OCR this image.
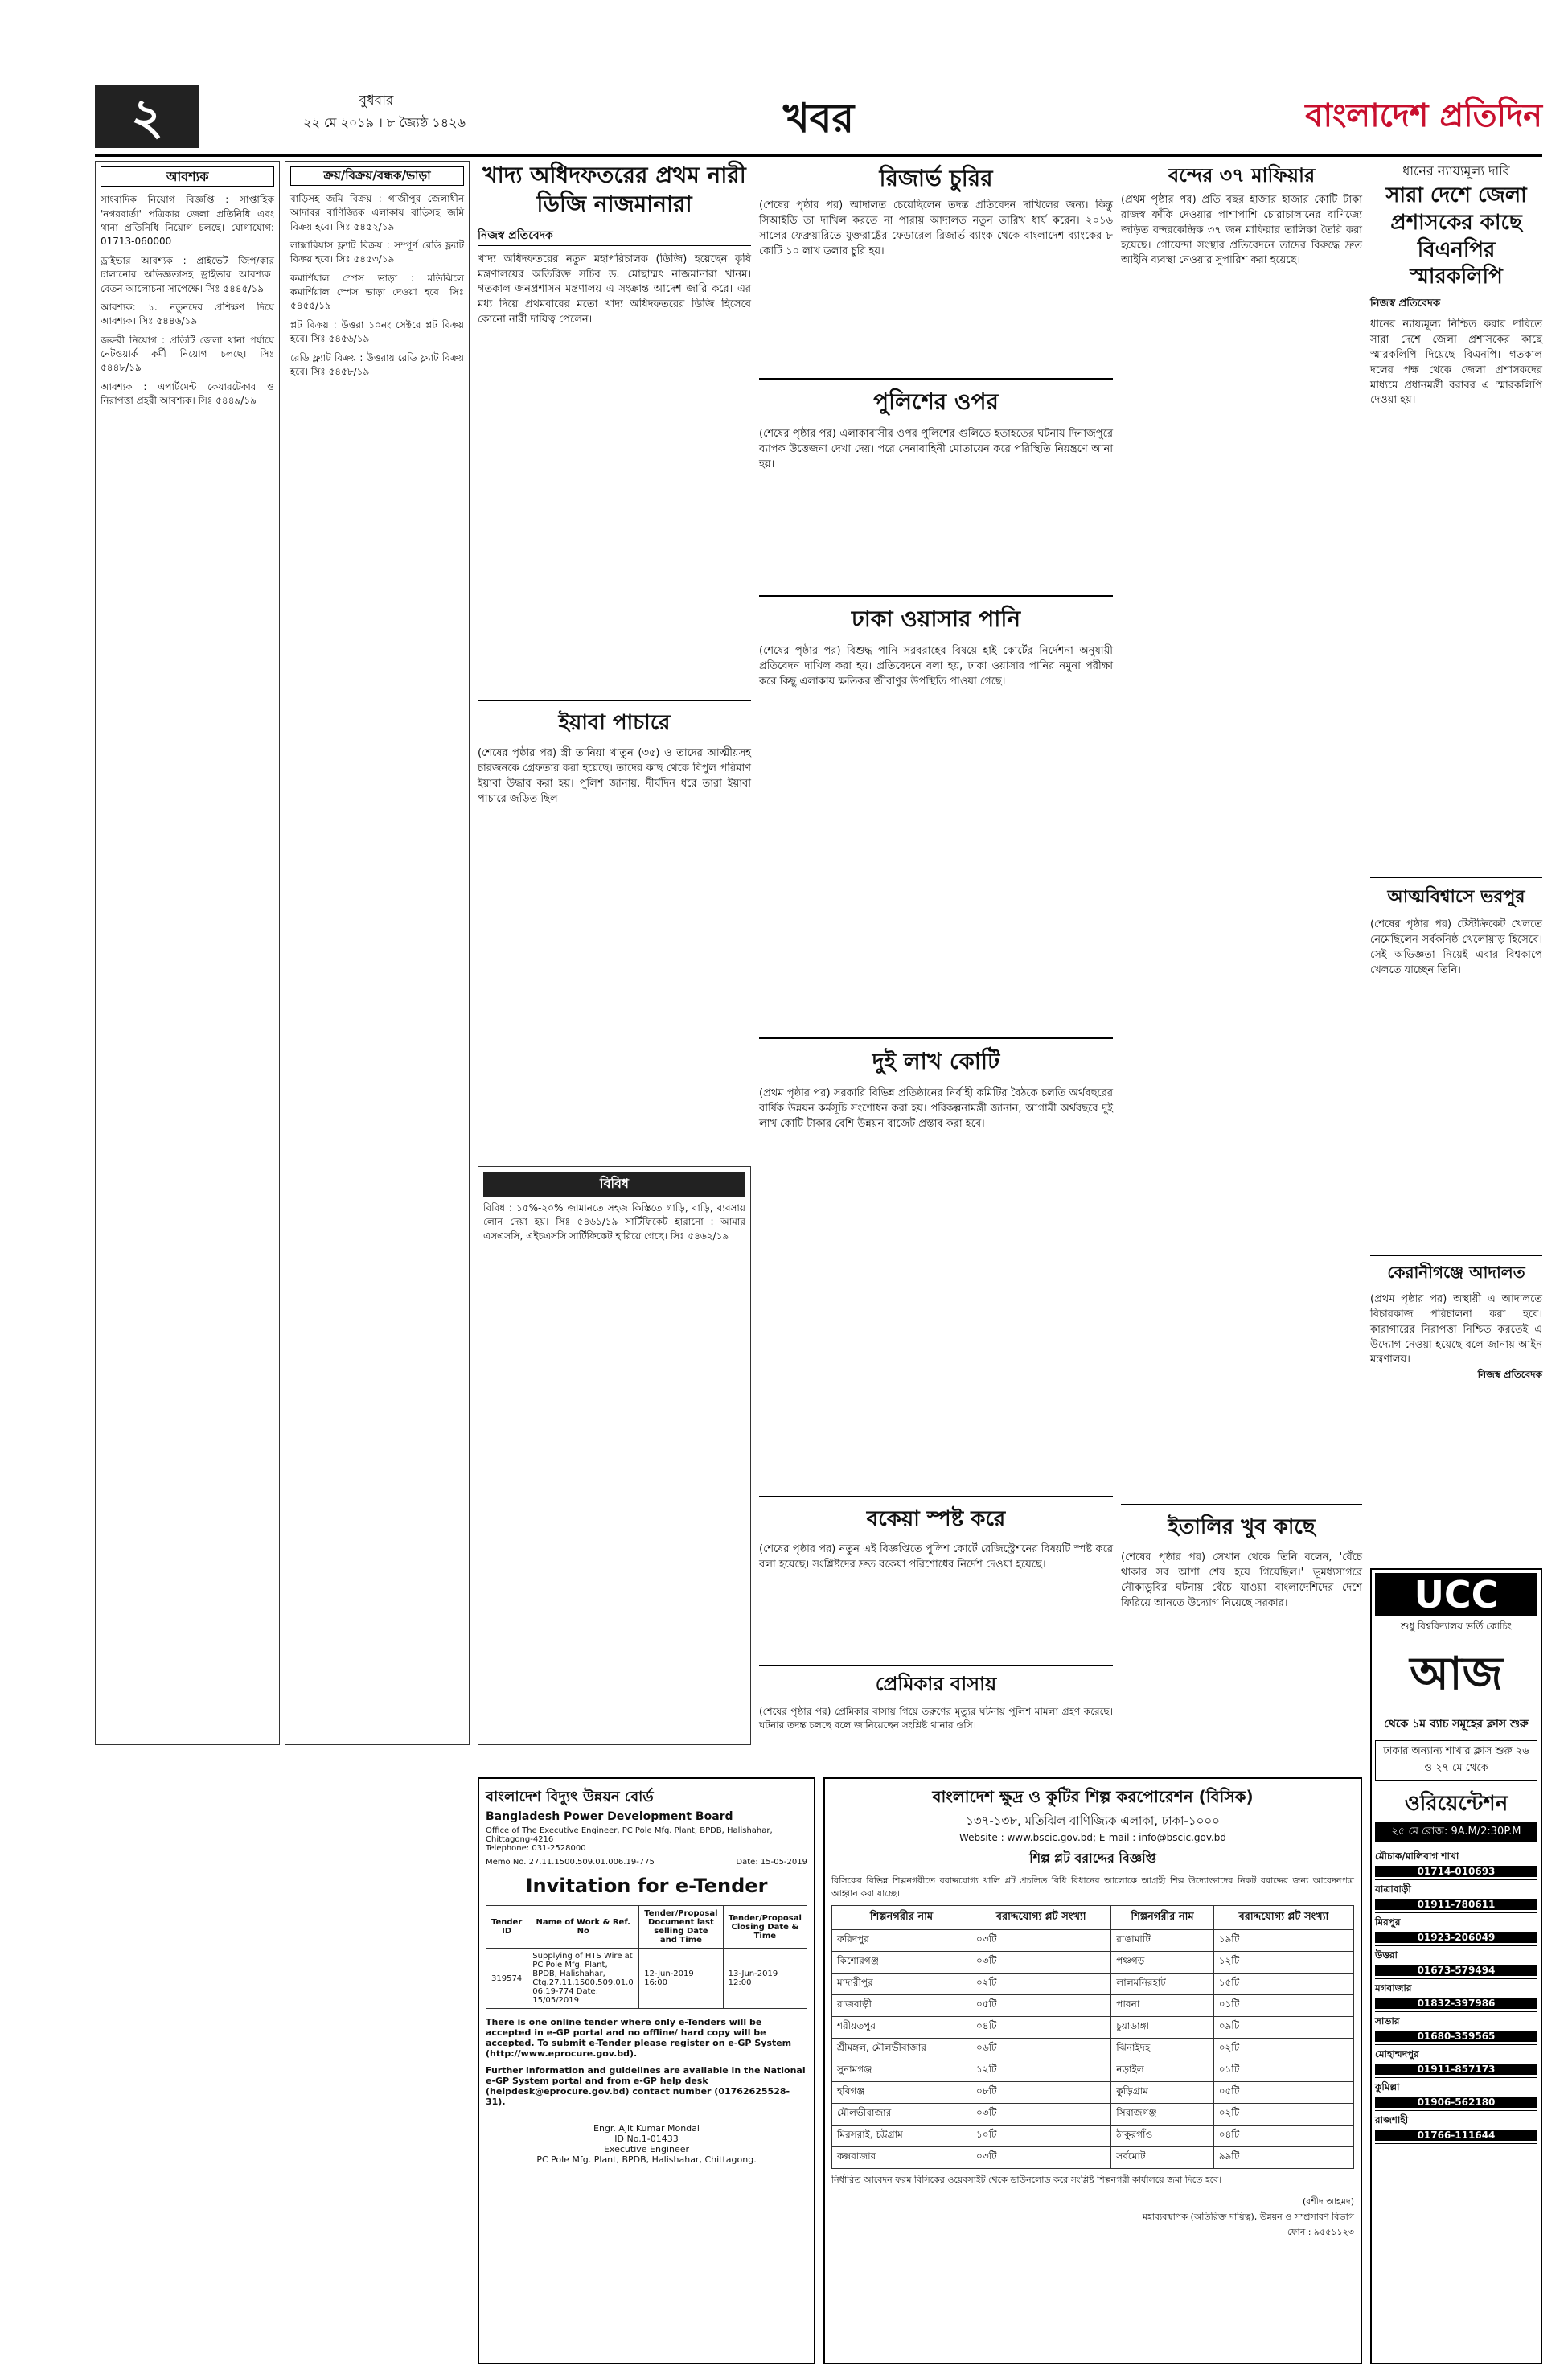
২	বুধবার
২২ মে ২০১৯ । ৮ জ্যৈষ্ঠ ১৪২৬	খবর	বাংলাদেশ প্রতিদিন
আবশ্যক

সাংবাদিক নিয়োগ বিজ্ঞপ্তি : সাপ্তাহিক 'নগরবার্তা' পত্রিকার জেলা প্রতিনিধি এবং থানা প্রতিনিধি নিয়োগ চলছে। যোগাযোগ: 01713-060000

ড্রাইভার আবশ্যক : প্রাইভেট জিপ/কার চালানোর অভিজ্ঞতাসহ ড্রাইভার আবশ্যক। বেতন আলোচনা সাপেক্ষে। সিঃ ৫৪৪৫/১৯

আবশ্যক: ১. নতুনদের প্রশিক্ষণ দিয়ে আবশ্যক। সিঃ ৫৪৪৬/১৯

জরুরী নিয়োগ : প্রতিটি জেলা থানা পর্যায়ে নেটওয়ার্ক কর্মী নিয়োগ চলছে। সিঃ ৫৪৪৮/১৯

আবশ্যক : এপার্টমেন্ট কেয়ারটেকার ও নিরাপত্তা প্রহরী আবশ্যক। সিঃ ৫৪৪৯/১৯

ক্রয়/বিক্রয়/বন্ধক/ভাড়া

বাড়িসহ জমি বিক্রয় : গাজীপুর জেলাধীন আদাবর বাণিজ্যিক এলাকায় বাড়িসহ জমি বিক্রয় হবে। সিঃ ৫৪৫২/১৯

লাক্সারিয়াস ফ্ল্যাট বিক্রয় : সম্পূর্ণ রেডি ফ্ল্যাট বিক্রয় হবে। সিঃ ৫৪৫৩/১৯

কমার্শিয়াল স্পেস ভাড়া : মতিঝিলে কমার্শিয়াল স্পেস ভাড়া দেওয়া হবে। সিঃ ৫৪৫৫/১৯

প্লট বিক্রয় : উত্তরা ১০নং সেক্টরে প্লট বিক্রয় হবে। সিঃ ৫৪৫৬/১৯

রেডি ফ্ল্যাট বিক্রয় : উত্তরায় রেডি ফ্ল্যাট বিক্রয় হবে। সিঃ ৫৪৫৮/১৯

খাদ্য অধিদফতরের প্রথম নারী ডিজি নাজমানারা
নিজস্ব প্রতিবেদক
খাদ্য অধিদফতরের নতুন মহাপরিচালক (ডিজি) হয়েছেন কৃষি মন্ত্রণালয়ের অতিরিক্ত সচিব ড. মোছাম্মৎ নাজমানারা খানম। গতকাল জনপ্রশাসন মন্ত্রণালয় এ সংক্রান্ত আদেশ জারি করে। এর মধ্য দিয়ে প্রথমবারের মতো খাদ্য অধিদফতরের ডিজি হিসেবে কোনো নারী দায়িত্ব পেলেন।
ইয়াবা পাচারে
(শেষের পৃষ্ঠার পর) স্ত্রী তানিয়া খাতুন (৩৫) ও তাদের আত্মীয়সহ চারজনকে গ্রেফতার করা হয়েছে। তাদের কাছ থেকে বিপুল পরিমাণ ইয়াবা উদ্ধার করা হয়। পুলিশ জানায়, দীর্ঘদিন ধরে তারা ইয়াবা পাচারে জড়িত ছিল।
বিবিধ
বিবিধ : ১৫%-২০% জামানতে সহজ কিস্তিতে গাড়ি, বাড়ি, ব্যবসায় লোন দেয়া হয়। সিঃ ৫৪৬১/১৯ সার্টিফিকেট হারানো : আমার এসএসসি, এইচএসসি সার্টিফিকেট হারিয়ে গেছে। সিঃ ৫৪৬২/১৯
রিজার্ভ চুরির
(শেষের পৃষ্ঠার পর) আদালত চেয়েছিলেন তদন্ত প্রতিবেদন দাখিলের জন্য। কিন্তু সিআইডি তা দাখিল করতে না পারায় আদালত নতুন তারিখ ধার্য করেন। ২০১৬ সালের ফেব্রুয়ারিতে যুক্তরাষ্ট্রের ফেডারেল রিজার্ভ ব্যাংক থেকে বাংলাদেশ ব্যাংকের ৮ কোটি ১০ লাখ ডলার চুরি হয়।
পুলিশের ওপর
(শেষের পৃষ্ঠার পর) এলাকাবাসীর ওপর পুলিশের গুলিতে হতাহতের ঘটনায় দিনাজপুরে ব্যাপক উত্তেজনা দেখা দেয়। পরে সেনাবাহিনী মোতায়েন করে পরিস্থিতি নিয়ন্ত্রণে আনা হয়।
ঢাকা ওয়াসার পানি
(শেষের পৃষ্ঠার পর) বিশুদ্ধ পানি সরবরাহের বিষয়ে হাই কোর্টের নির্দেশনা অনুযায়ী প্রতিবেদন দাখিল করা হয়। প্রতিবেদনে বলা হয়, ঢাকা ওয়াসার পানির নমুনা পরীক্ষা করে কিছু এলাকায় ক্ষতিকর জীবাণুর উপস্থিতি পাওয়া গেছে।
দুই লাখ কোটি
(প্রথম পৃষ্ঠার পর) সরকারি বিভিন্ন প্রতিষ্ঠানের নির্বাহী কমিটির বৈঠকে চলতি অর্থবছরের বার্ষিক উন্নয়ন কর্মসূচি সংশোধন করা হয়। পরিকল্পনামন্ত্রী জানান, আগামী অর্থবছরে দুই লাখ কোটি টাকার বেশি উন্নয়ন বাজেট প্রস্তাব করা হবে।
বকেয়া স্পষ্ট করে
(শেষের পৃষ্ঠার পর) নতুন এই বিজ্ঞপ্তিতে পুলিশ কোর্টে রেজিস্ট্রেশনের বিষয়টি স্পষ্ট করে বলা হয়েছে। সংশ্লিষ্টদের দ্রুত বকেয়া পরিশোধের নির্দেশ দেওয়া হয়েছে।
প্রেমিকার বাসায়
(শেষের পৃষ্ঠার পর) প্রেমিকার বাসায় গিয়ে তরুণের মৃত্যুর ঘটনায় পুলিশ মামলা গ্রহণ করেছে। ঘটনার তদন্ত চলছে বলে জানিয়েছেন সংশ্লিষ্ট থানার ওসি।
বন্দের ৩৭ মাফিয়ার
(প্রথম পৃষ্ঠার পর) প্রতি বছর হাজার হাজার কোটি টাকা রাজস্ব ফাঁকি দেওয়ার পাশাপাশি চোরাচালানের বাণিজ্যে জড়িত বন্দরকেন্দ্রিক ৩৭ জন মাফিয়ার তালিকা তৈরি করা হয়েছে। গোয়েন্দা সংস্থার প্রতিবেদনে তাদের বিরুদ্ধে দ্রুত আইনি ব্যবস্থা নেওয়ার সুপারিশ করা হয়েছে।
ইতালির খুব কাছে
(শেষের পৃষ্ঠার পর) সেখান থেকে তিনি বলেন, 'বেঁচে থাকার সব আশা শেষ হয়ে গিয়েছিল।' ভূমধ্যসাগরে নৌকাডুবির ঘটনায় বেঁচে যাওয়া বাংলাদেশিদের দেশে ফিরিয়ে আনতে উদ্যোগ নিয়েছে সরকার।
ধানের ন্যায্যমূল্য দাবি
সারা দেশে জেলা প্রশাসকের কাছে বিএনপির স্মারকলিপি
নিজস্ব প্রতিবেদক
ধানের ন্যায্যমূল্য নিশ্চিত করার দাবিতে সারা দেশে জেলা প্রশাসকের কাছে স্মারকলিপি দিয়েছে বিএনপি। গতকাল দলের পক্ষ থেকে জেলা প্রশাসকদের মাধ্যমে প্রধানমন্ত্রী বরাবর এ স্মারকলিপি দেওয়া হয়।
আত্মবিশ্বাসে ভরপুর
(শেষের পৃষ্ঠার পর) টেস্টক্রিকেট খেলতে নেমেছিলেন সর্বকনিষ্ঠ খেলোয়াড় হিসেবে। সেই অভিজ্ঞতা নিয়েই এবার বিশ্বকাপে খেলতে যাচ্ছেন তিনি।
কেরানীগঞ্জে আদালত
(প্রথম পৃষ্ঠার পর) অস্থায়ী এ আদালতে বিচারকাজ পরিচালনা করা হবে। কারাগারের নিরাপত্তা নিশ্চিত করতেই এ উদ্যোগ নেওয়া হয়েছে বলে জানায় আইন মন্ত্রণালয়।
নিজস্ব প্রতিবেদক
UCC
শুধু বিশ্ববিদ্যালয় ভর্তি কোচিং
আজ
থেকে ১ম ব্যাচ সমূহের ক্লাস শুরু
ঢাকার অন্যান্য শাখার ক্লাস শুরু ২৬ ও ২৭ মে থেকে
ওরিয়েন্টেশন
২৫ মে রোজ: 9A.M/2:30P.M
মৌচাক/মালিবাগ শাখা
01714-010693
যাত্রাবাড়ী
01911-780611
মিরপুর
01923-206049
উত্তরা
01673-579494
মগবাজার
01832-397986
সাভার
01680-359565
মোহাম্মদপুর
01911-857173
কুমিল্লা
01906-562180
রাজশাহী
01766-111644
বাংলাদেশ বিদ্যুৎ উন্নয়ন বোর্ড
Bangladesh Power Development Board
Office of The Executive Engineer, PC Pole Mfg. Plant, BPDB, Halishahar, Chittagong-4216
Telephone: 031-2528000
Memo No. 27.11.1500.509.01.006.19-775	Date: 15-05-2019
Invitation for e-Tender
Tender ID	Name of Work & Ref. No	Tender/Proposal Document last selling Date and Time	Tender/Proposal Closing Date & Time
319574	Supplying of HTS Wire at PC Pole Mfg. Plant, BPDB, Halishahar, Ctg.27.11.1500.509.01.0 06.19-774 Date: 15/05/2019	12-Jun-2019 16:00	13-Jun-2019 12:00
There is one online tender where only e-Tenders will be accepted in e-GP portal and no offline/ hard copy will be accepted. To submit e-Tender please register on e-GP System (http://www.eprocure.gov.bd).
Further information and guidelines are available in the National e-GP System portal and from e-GP help desk (helpdesk@eprocure.gov.bd) contact number (01762625528-31).
Engr. Ajit Kumar Mondal
ID No.1-01433
Executive Engineer
PC Pole Mfg. Plant, BPDB, Halishahar, Chittagong.
বাংলাদেশ ক্ষুদ্র ও কুটির শিল্প করপোরেশন (বিসিক)
১৩৭-১৩৮, মতিঝিল বাণিজ্যিক এলাকা, ঢাকা-১০০০
Website : www.bscic.gov.bd; E-mail : info@bscic.gov.bd
শিল্প প্লট বরাদ্দের বিজ্ঞপ্তি
বিসিকের বিভিন্ন শিল্পনগরীতে বরাদ্দযোগ্য খালি প্লট প্রচলিত বিধি বিধানের আলোকে আগ্রহী শিল্প উদ্যোক্তাদের নিকট বরাদ্দের জন্য আবেদনপত্র আহ্বান করা যাচ্ছে।
শিল্পনগরীর নাম	বরাদ্দযোগ্য প্লট সংখ্যা	শিল্পনগরীর নাম	বরাদ্দযোগ্য প্লট সংখ্যা
ফরিদপুর	০৩টি	রাঙামাটি	১৯টি
কিশোরগঞ্জ	০৩টি	পঞ্চগড়	১২টি
মাদারীপুর	০২টি	লালমনিরহাট	১৫টি
রাজবাড়ী	০৫টি	পাবনা	০১টি
শরীয়তপুর	০৪টি	চুয়াডাঙ্গা	০৯টি
শ্রীমঙ্গল, মৌলভীবাজার	০৬টি	ঝিনাইদহ	০২টি
সুনামগঞ্জ	১২টি	নড়াইল	০১টি
হবিগঞ্জ	০৮টি	কুড়িগ্রাম	০৫টি
মৌলভীবাজার	০৩টি	সিরাজগঞ্জ	০২টি
মিরসরাই, চট্টগ্রাম	১০টি	ঠাকুরগাঁও	০৪টি
কক্সবাজার	০৩টি	সর্বমোট	৯৯টি
নির্ধারিত আবেদন ফরম বিসিকের ওয়েবসাইট থেকে ডাউনলোড করে সংশ্লিষ্ট শিল্পনগরী কার্যালয়ে জমা দিতে হবে।
(রশীদ আহমদ)
মহাব্যবস্থাপক (অতিরিক্ত দায়িত্ব), উন্নয়ন ও সম্প্রসারণ বিভাগ
ফোন : ৯৫৫১১২৩
